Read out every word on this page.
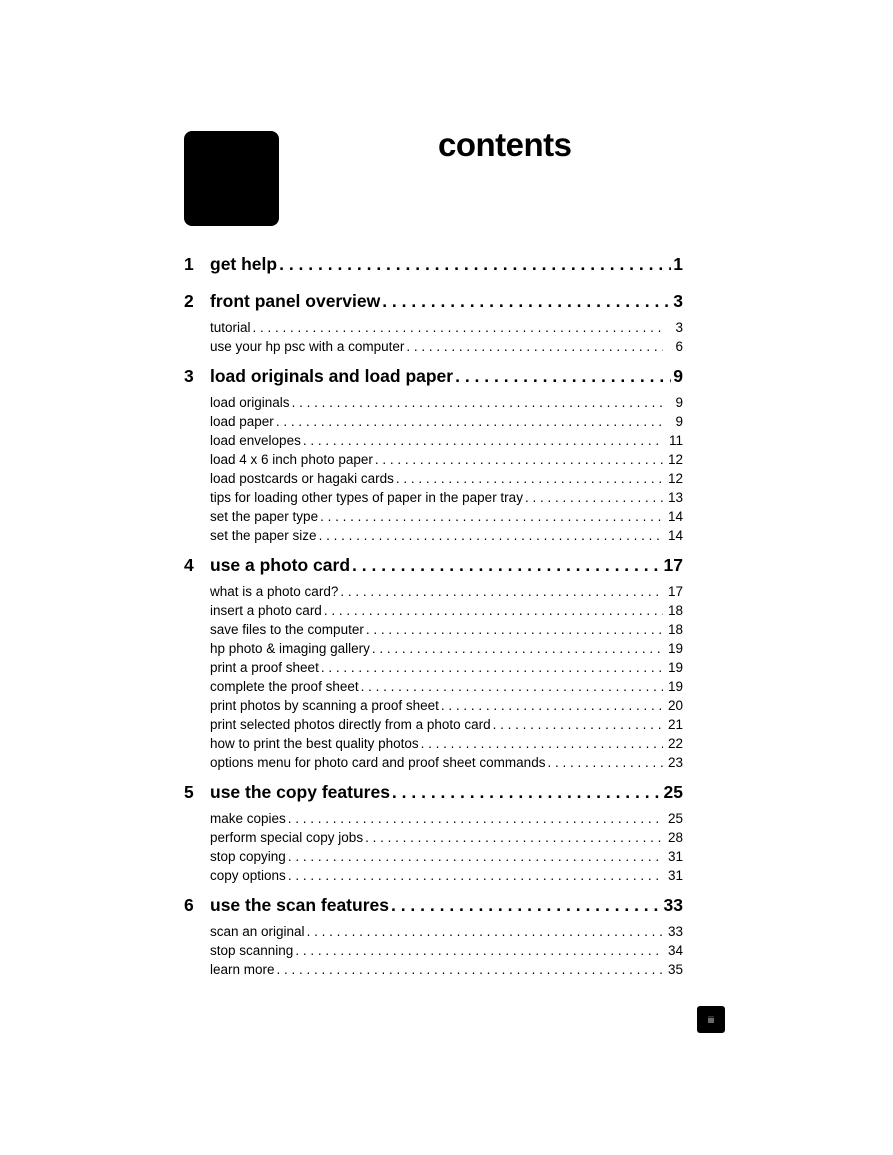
contents
1 get help . . .	1
2 front panel overview . . .	3
tutorial . . .	3
use your hp psc with a computer . . .	6
3 load originals and load paper . . .	9
load originals . . .	9
load paper . . .	9
load envelopes . . .	11
load 4 x 6 inch photo paper . . .	12
load postcards or hagaki cards . . .	12
tips for loading other types of paper in the paper tray . . .	13
set the paper type . . .	14
set the paper size . . .	14
4 use a photo card . . .	17
what is a photo card? . . .	17
insert a photo card . . .	18
save files to the computer . . .	18
hp photo & imaging gallery . . .	19
print a proof sheet . . .	19
complete the proof sheet . . .	19
print photos by scanning a proof sheet . . .	20
print selected photos directly from a photo card . . .	21
how to print the best quality photos . . .	22
options menu for photo card and proof sheet commands . . .	23
5 use the copy features . . .	25
make copies . . .	25
perform special copy jobs . . .	28
stop copying . . .	31
copy options . . .	31
6 use the scan features . . .	33
scan an original . . .	33
stop scanning . . .	34
learn more . . .	35
iii
